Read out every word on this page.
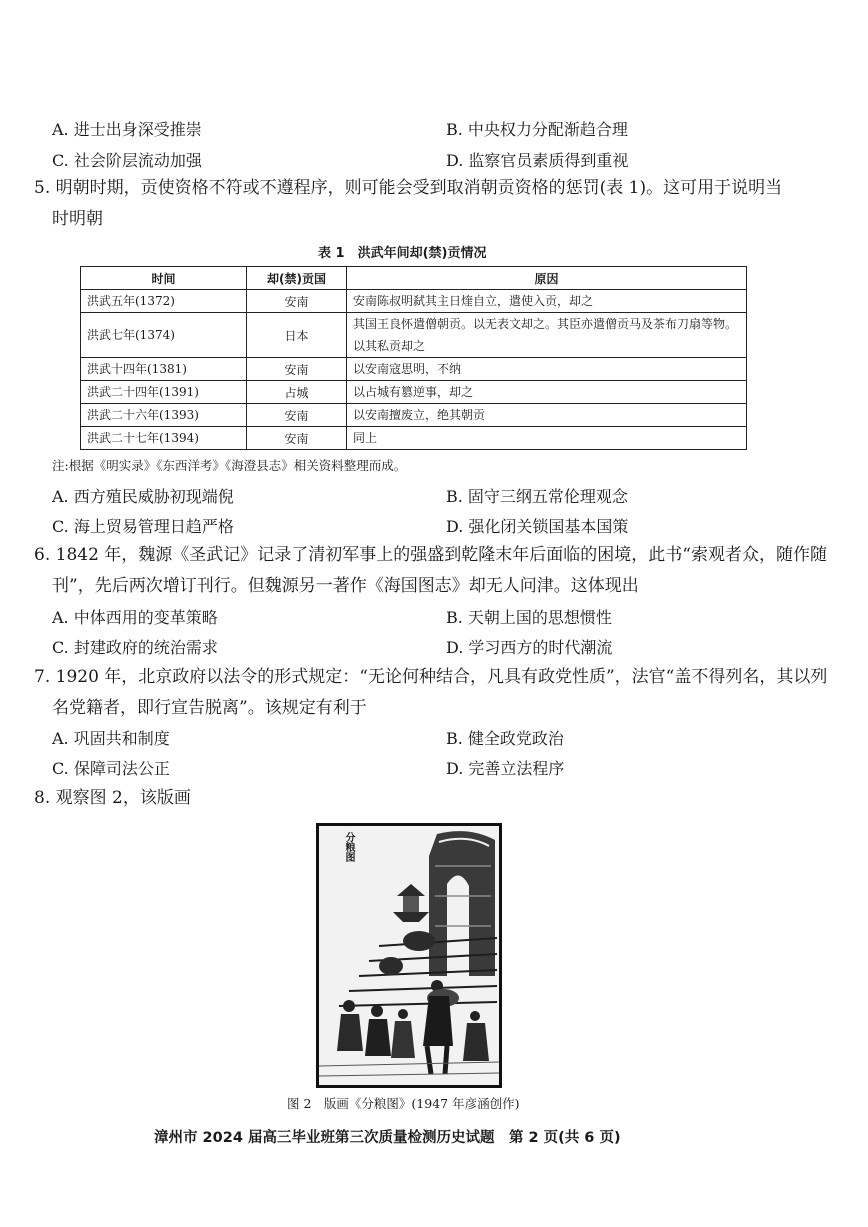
A. 进士出身深受推崇	B. 中央权力分配渐趋合理
C. 社会阶层流动加强	D. 监察官员素质得到重视
5. 明朝时期，贡使资格不符或不遵程序，则可能会受到取消朝贡资格的惩罚(表 1)。这可用于说明当
时明朝
表 1　洪武年间却(禁)贡情况
时间	却(禁)贡国	原因
洪武五年(1372)	安南	安南陈叔明弑其主日煃自立，遣使入贡，却之
洪武七年(1374)	日本	其国王良怀遣僧朝贡。以无表文却之。其臣亦遣僧贡马及茶布刀扇等物。以其私贡却之
洪武十四年(1381)	安南	以安南寇思明，不纳
洪武二十四年(1391)	占城	以占城有篡逆事，却之
洪武二十六年(1393)	安南	以安南擅废立，绝其朝贡
洪武二十七年(1394)	安南	同上
注:根据《明实录》《东西洋考》《海澄县志》相关资料整理而成。
A. 西方殖民威胁初现端倪	B. 固守三纲五常伦理观念
C. 海上贸易管理日趋严格	D. 强化闭关锁国基本国策
6. 1842 年，魏源《圣武记》记录了清初军事上的强盛到乾隆末年后面临的困境，此书“索观者众，随作随
刊”，先后两次增订刊行。但魏源另一著作《海国图志》却无人问津。这体现出
A. 中体西用的变革策略	B. 天朝上国的思想惯性
C. 封建政府的统治需求	D. 学习西方的时代潮流
7. 1920 年，北京政府以法令的形式规定：“无论何种结合，凡具有政党性质”，法官“盖不得列名，其以列
名党籍者，即行宣告脱离”。该规定有利于
A. 巩固共和制度	B. 健全政党政治
C. 保障司法公正	D. 完善立法程序
8. 观察图 2，该版画
分粮图
图 2　版画《分粮图》(1947 年彦涵创作)
漳州市 2024 届高三毕业班第三次质量检测历史试题　第 2 页(共 6 页)
